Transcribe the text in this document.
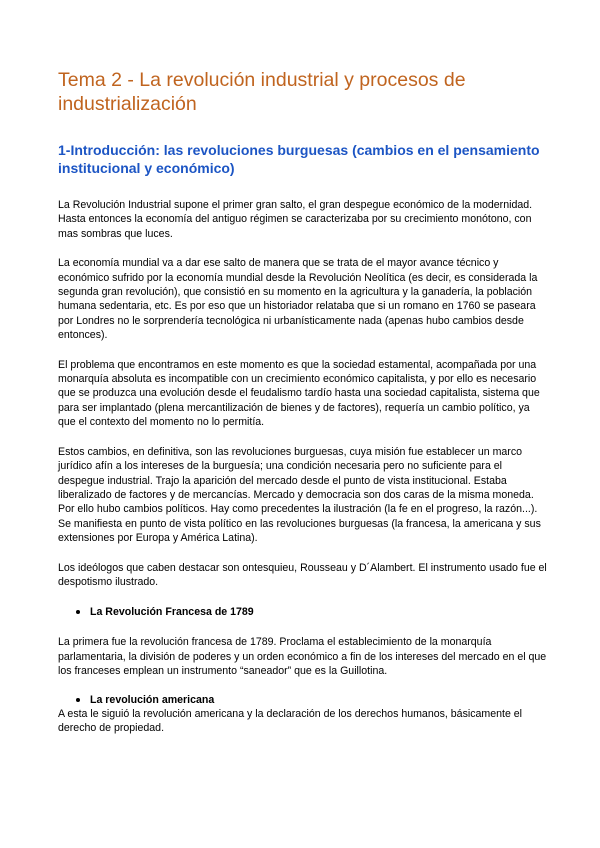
Tema 2 - La revolución industrial y procesos de industrialización
1-Introducción: las revoluciones burguesas (cambios en el pensamiento institucional y económico)

La Revolución Industrial supone el primer gran salto, el gran despegue económico de la modernidad. Hasta entonces la economía del antiguo régimen se caracterizaba por su crecimiento monótono, con mas sombras que luces.

La economía mundial va a dar ese salto de manera que se trata de el mayor avance técnico y económico sufrido por la economía mundial desde la Revolución Neolítica (es decir, es considerada la segunda gran revolución), que consistió en su momento en la agricultura y la ganadería, la población humana sedentaria, etc. Es por eso que un historiador relataba que si un romano en 1760 se paseara por Londres no le sorprendería tecnológica ni urbanísticamente nada (apenas hubo cambios desde entonces).

El problema que encontramos en este momento es que la sociedad estamental, acompañada por una monarquía absoluta es incompatible con un crecimiento económico capitalista, y por ello es necesario que se produzca una evolución desde el feudalismo tardío hasta una sociedad capitalista, sistema que para ser implantado (plena mercantilización de bienes y de factores), requería un cambio político, ya que el contexto del momento no lo permitía.

Estos cambios, en definitiva, son las revoluciones burguesas, cuya misión fue establecer un marco jurídico afín a los intereses de la burguesía; una condición necesaria pero no suficiente para el despegue industrial. Trajo la aparición del mercado desde el punto de vista institucional. Estaba liberalizado de factores y de mercancías. Mercado y democracia son dos caras de la misma moneda. Por ello hubo cambios políticos. Hay como precedentes la ilustración (la fe en el progreso, la razón...). Se manifiesta en punto de vista político en las revoluciones burguesas (la francesa, la americana y sus extensiones por Europa y América Latina).

Los ideólogos que caben destacar son ontesquieu, Rousseau y D´Alambert. El instrumento usado fue el despotismo ilustrado.

La Revolución Francesa de 1789

La primera fue la revolución francesa de 1789. Proclama el establecimiento de la monarquía parlamentaria, la división de poderes y un orden económico a fin de los intereses del mercado en el que los franceses emplean un instrumento “saneador” que es la Guillotina.

La revolución americana

A esta le siguió la revolución americana y la declaración de los derechos humanos, básicamente el derecho de propiedad.
